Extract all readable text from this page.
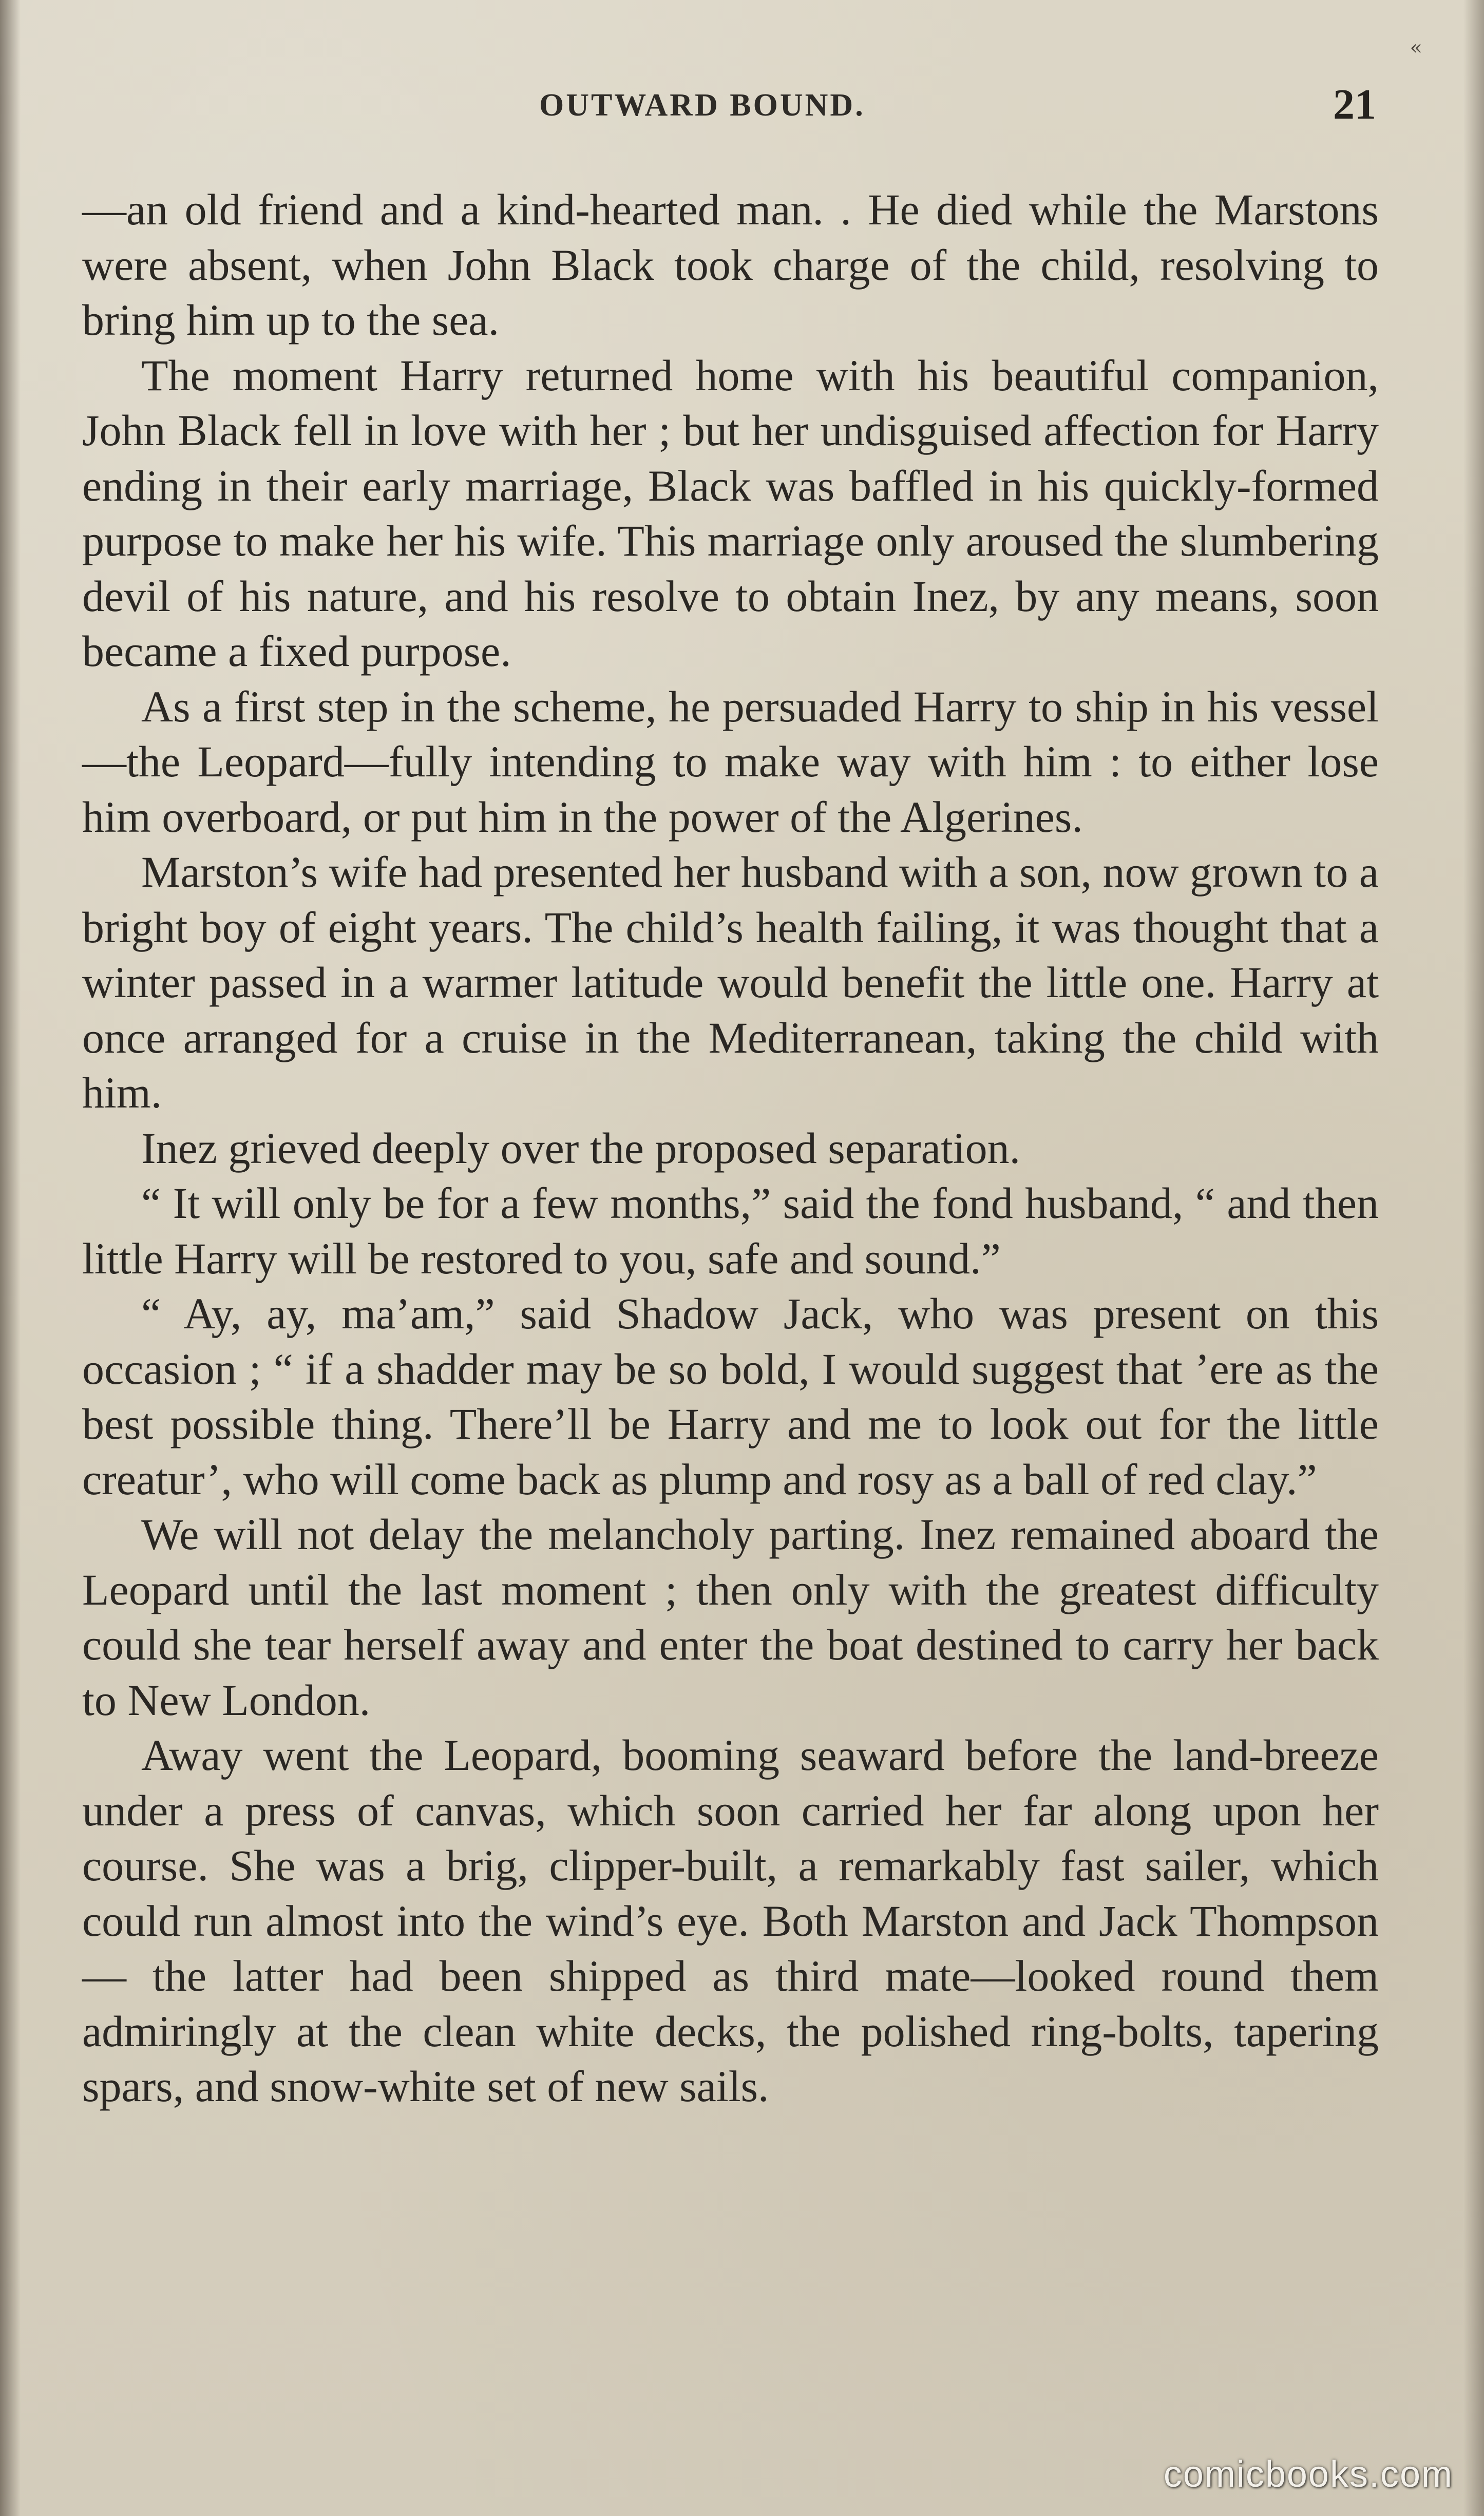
«
OUTWARD BOUND.	21

—an old friend and a kind-hearted man. . He died while the Marstons were absent, when John Black took charge of the child, resolving to bring him up to the sea.

The moment Harry returned home with his beautiful companion, John Black fell in love with her ; but her undisguised affection for Harry ending in their early marriage, Black was baffled in his quickly-formed purpose to make her his wife. This marriage only aroused the slumbering devil of his nature, and his resolve to obtain Inez, by any means, soon became a fixed purpose.

As a first step in the scheme, he persuaded Harry to ship in his vessel—the Leopard—fully intending to make way with him : to either lose him overboard, or put him in the power of the Algerines.

Marston’s wife had presented her husband with a son, now grown to a bright boy of eight years. The child’s health failing, it was thought that a winter passed in a warmer latitude would benefit the little one. Harry at once arranged for a cruise in the Mediterranean, taking the child with him.

Inez grieved deeply over the proposed separation.

“ It will only be for a few months,” said the fond husband, “ and then little Harry will be restored to you, safe and sound.”

“ Ay, ay, ma’am,” said Shadow Jack, who was present on this occasion ; “ if a shadder may be so bold, I would suggest that ’ere as the best possible thing. There’ll be Harry and me to look out for the little creatur’, who will come back as plump and rosy as a ball of red clay.”

We will not delay the melancholy parting. Inez remained aboard the Leopard until the last moment ; then only with the greatest difficulty could she tear herself away and enter the boat destined to carry her back to New London.

Away went the Leopard, booming seaward before the land-breeze under a press of canvas, which soon carried her far along upon her course. She was a brig, clipper-built, a remarkably fast sailer, which could run almost into the wind’s eye. Both Marston and Jack Thompson — the latter had been shipped as third mate—looked round them admiringly at the clean white decks, the polished ring-bolts, tapering spars, and snow-white set of new sails.

comicbooks.com
